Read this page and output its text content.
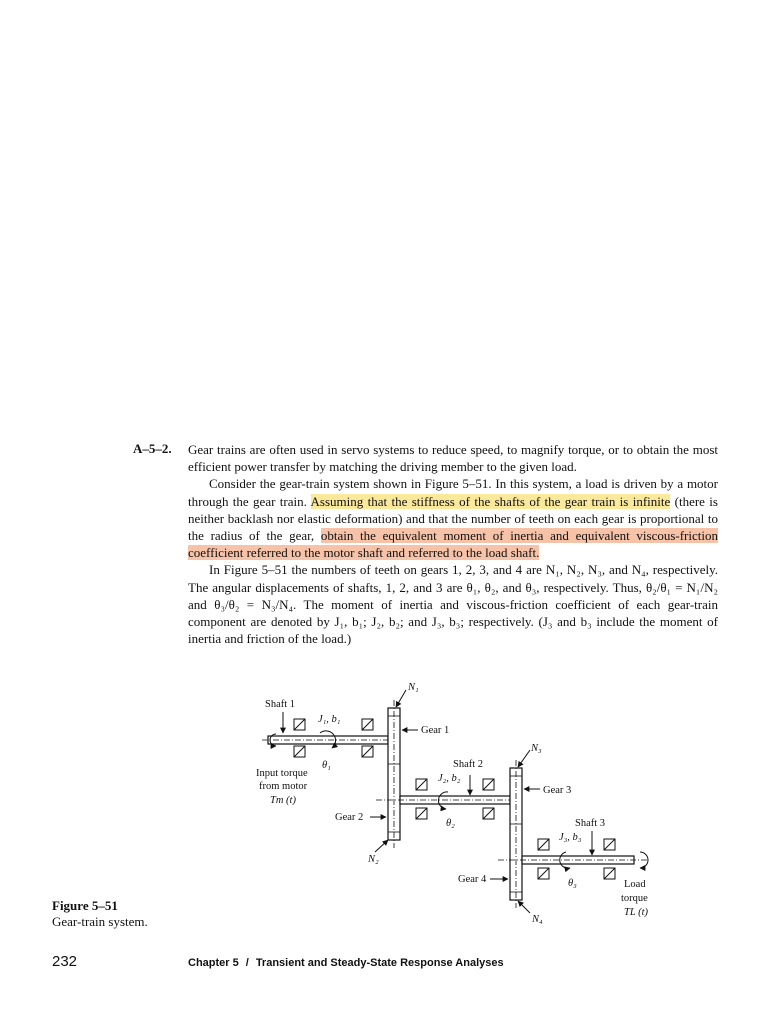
A–5–2. Gear trains are often used in servo systems to reduce speed, to magnify torque, or to obtain the most efficient power transfer by matching the driving member to the given load.

Consider the gear-train system shown in Figure 5–51. In this system, a load is driven by a motor through the gear train. Assuming that the stiffness of the shafts of the gear train is infinite (there is neither backlash nor elastic deformation) and that the number of teeth on each gear is proportional to the radius of the gear, obtain the equivalent moment of inertia and equivalent viscous-friction coefficient referred to the motor shaft and referred to the load shaft.

In Figure 5–51 the numbers of teeth on gears 1, 2, 3, and 4 are N₁, N₂, N₃, and N₄, respectively. The angular displacements of shafts, 1, 2, and 3 are θ₁, θ₂, and θ₃, respectively. Thus, θ₂/θ₁ = N₁/N₂ and θ₃/θ₂ = N₃/N₄. The moment of inertia and viscous-friction coefficient of each gear-train component are denoted by J₁, b₁; J₂, b₂; and J₃, b₃; respectively. (J₃ and b₃ include the moment of inertia and friction of the load.)

Shaft 1
J₁, b₁
θ₁
Input torque
from motor
Tm (t)
N₁
Gear 1
Gear 2
N₂
Shaft 2
J₂, b₂
θ₂
N₃
Gear 3
Shaft 3
J₃, b₃
θ₃
Gear 4
N₄
Load
torque
TL (t)
Figure 5–51
Gear-train system.
232	Chapter 5 / Transient and Steady-State Response Analyses
